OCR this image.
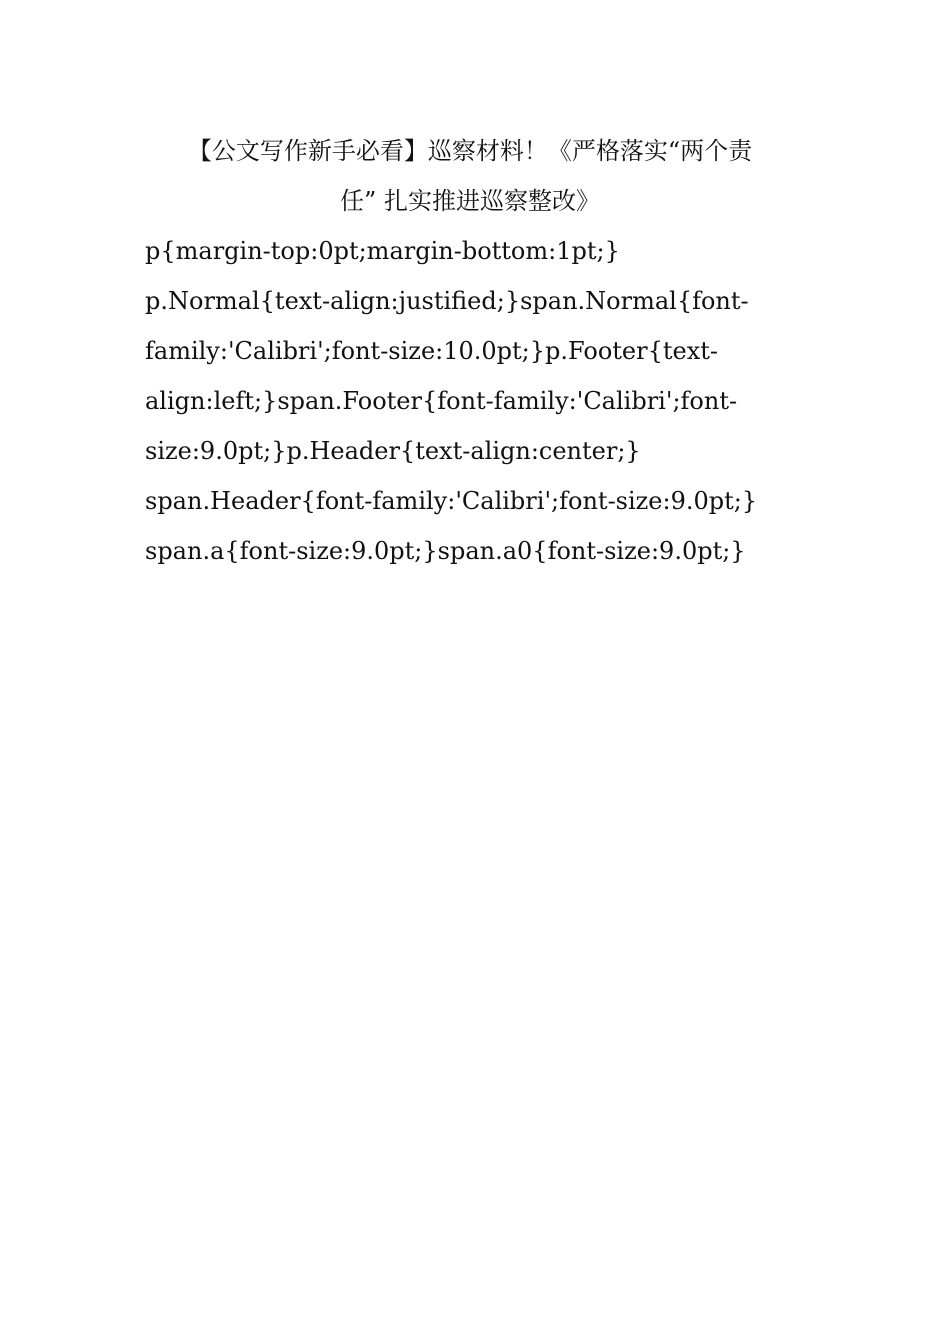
【公文写作新手必看】巡察材料！《严格落实“两个责
任” 扎实推进巡察整改》

p{margin-top:0pt;margin-bottom:1pt;}

p.Normal{text-align:justified;}span.Normal{font-

family:'Calibri';font-size:10.0pt;}p.Footer{text-

align:left;}span.Footer{font-family:'Calibri';font-

size:9.0pt;}p.Header{text-align:center;}

span.Header{font-family:'Calibri';font-size:9.0pt;}

span.a{font-size:9.0pt;}span.a0{font-size:9.0pt;}
